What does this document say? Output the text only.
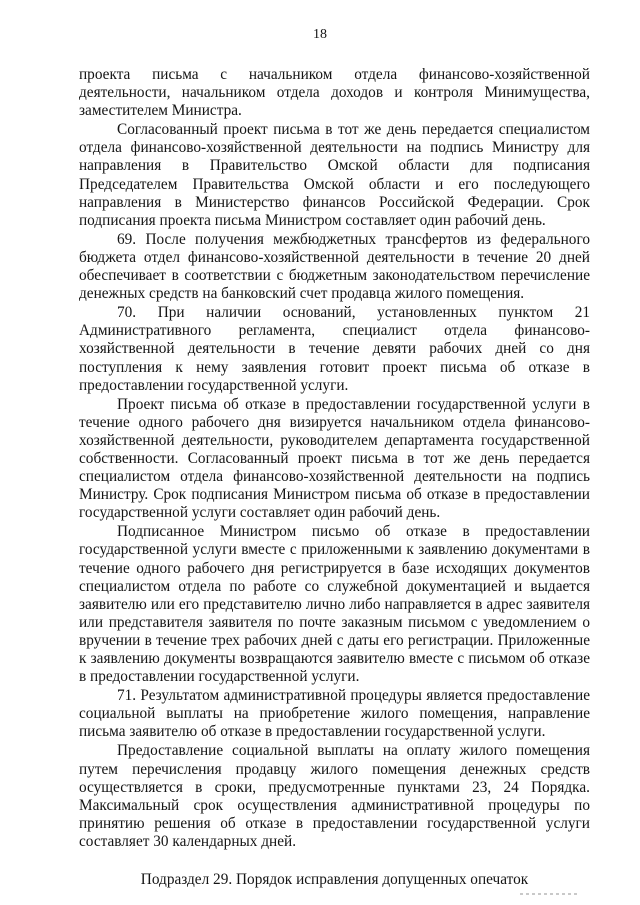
18

проекта письма с начальником отдела финансово-хозяйственной деятельности, начальником отдела доходов и контроля Минимущества, заместителем Министра.

Согласованный проект письма в тот же день передается специалистом отдела финансово-хозяйственной деятельности на подпись Министру для направления в Правительство Омской области для подписания Председателем Правительства Омской области и его последующего направления в Министерство финансов Российской Федерации. Срок подписания проекта письма Министром составляет один рабочий день.

69. После получения межбюджетных трансфертов из федерального бюджета отдел финансово-хозяйственной деятельности в течение 20 дней обеспечивает в соответствии с бюджетным законодательством перечисление денежных средств на банковский счет продавца жилого помещения.

70. При наличии оснований, установленных пунктом 21 Административного регламента, специалист отдела финансово-хозяйственной деятельности в течение девяти рабочих дней со дня поступления к нему заявления готовит проект письма об отказе в предоставлении государственной услуги.

Проект письма об отказе в предоставлении государственной услуги в течение одного рабочего дня визируется начальником отдела финансово-хозяйственной деятельности, руководителем департамента государственной собственности. Согласованный проект письма в тот же день передается специалистом отдела финансово-хозяйственной деятельности на подпись Министру. Срок подписания Министром письма об отказе в предоставлении государственной услуги составляет один рабочий день.

Подписанное Министром письмо об отказе в предоставлении государственной услуги вместе с приложенными к заявлению документами в течение одного рабочего дня регистрируется в базе исходящих документов специалистом отдела по работе со служебной документацией и выдается заявителю или его представителю лично либо направляется в адрес заявителя или представителя заявителя по почте заказным письмом с уведомлением о вручении в течение трех рабочих дней с даты его регистрации. Приложенные к заявлению документы возвращаются заявителю вместе с письмом об отказе в предоставлении государственной услуги.

71. Результатом административной процедуры является предоставление социальной выплаты на приобретение жилого помещения, направление письма заявителю об отказе в предоставлении государственной услуги.

Предоставление социальной выплаты на оплату жилого помещения путем перечисления продавцу жилого помещения денежных средств осуществляется в сроки, предусмотренные пунктами 23, 24 Порядка. Максимальный срок осуществления административной процедуры по принятию решения об отказе в предоставлении государственной услуги составляет 30 календарных дней.

Подраздел 29. Порядок исправления допущенных опечаток
